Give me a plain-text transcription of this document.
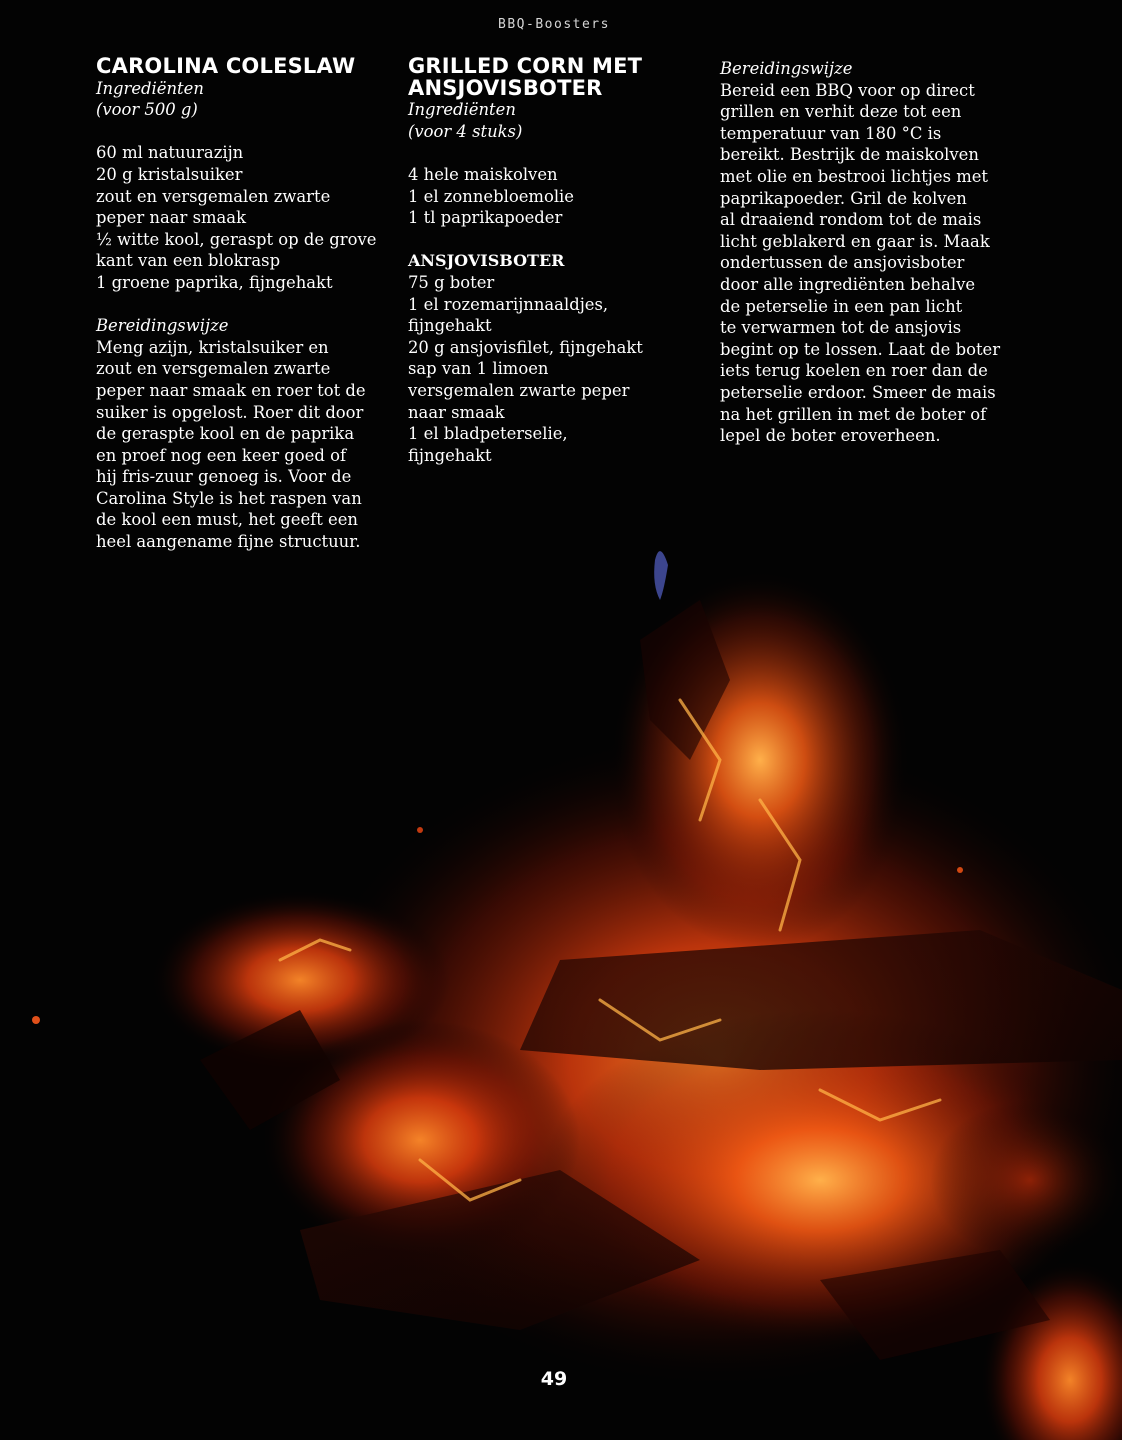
BBQ-Boosters
CAROLINA COLESLAW
Ingrediënten
(voor 500 g)
60 ml natuurazijn
20 g kristalsuiker
zout en versgemalen zwarte
peper naar smaak
½ witte kool, geraspt op de grove
kant van een blokrasp
1 groene paprika, fijngehakt
Bereidingswijze
Meng azijn, kristalsuiker en
zout en versgemalen zwarte
peper naar smaak en roer tot de
suiker is opgelost. Roer dit door
de geraspte kool en de paprika
en proef nog een keer goed of
hij fris-zuur genoeg is. Voor de
Carolina Style is het raspen van
de kool een must, het geeft een
heel aangename fijne structuur.
GRILLED CORN MET
ANSJOVISBOTER
Ingrediënten
(voor 4 stuks)
4 hele maiskolven
1 el zonnebloemolie
1 tl paprikapoeder
ANSJOVISBOTER
75 g boter
1 el rozemarijnnaaldjes,
fijngehakt
20 g ansjovisfilet, fijngehakt
sap van 1 limoen
versgemalen zwarte peper
naar smaak
1 el bladpeterselie,
fijngehakt
Bereidingswijze
Bereid een BBQ voor op direct
grillen en verhit deze tot een
temperatuur van 180 °C is
bereikt. Bestrijk de maiskolven
met olie en bestrooi lichtjes met
paprikapoeder. Gril de kolven
al draaiend rondom tot de mais
licht geblakerd en gaar is. Maak
ondertussen de ansjovisboter
door alle ingrediënten behalve
de peterselie in een pan licht
te verwarmen tot de ansjovis
begint op te lossen. Laat de boter
iets terug koelen en roer dan de
peterselie erdoor. Smeer de mais
na het grillen in met de boter of
lepel de boter eroverheen.
49
